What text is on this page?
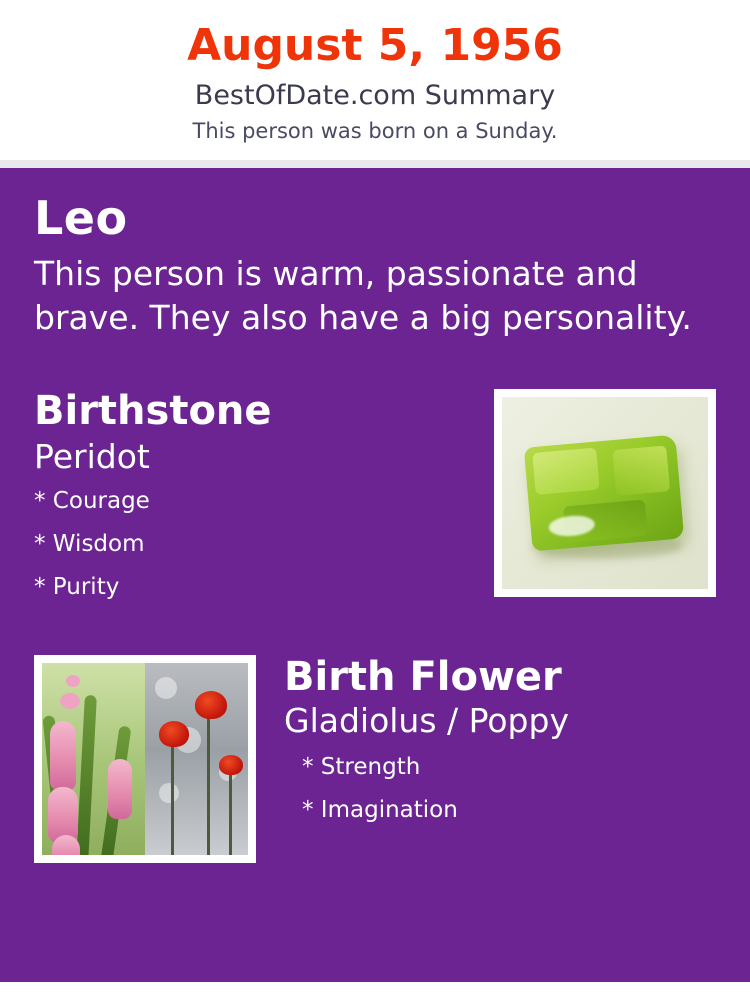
August 5, 1956
BestOfDate.com Summary
This person was born on a Sunday.
Leo
This person is warm, passionate and brave. They also have a big personality.
Birthstone
Peridot
* Courage
* Wisdom
* Purity
Birth Flower
Gladiolus / Poppy
* Strength
* Imagination
